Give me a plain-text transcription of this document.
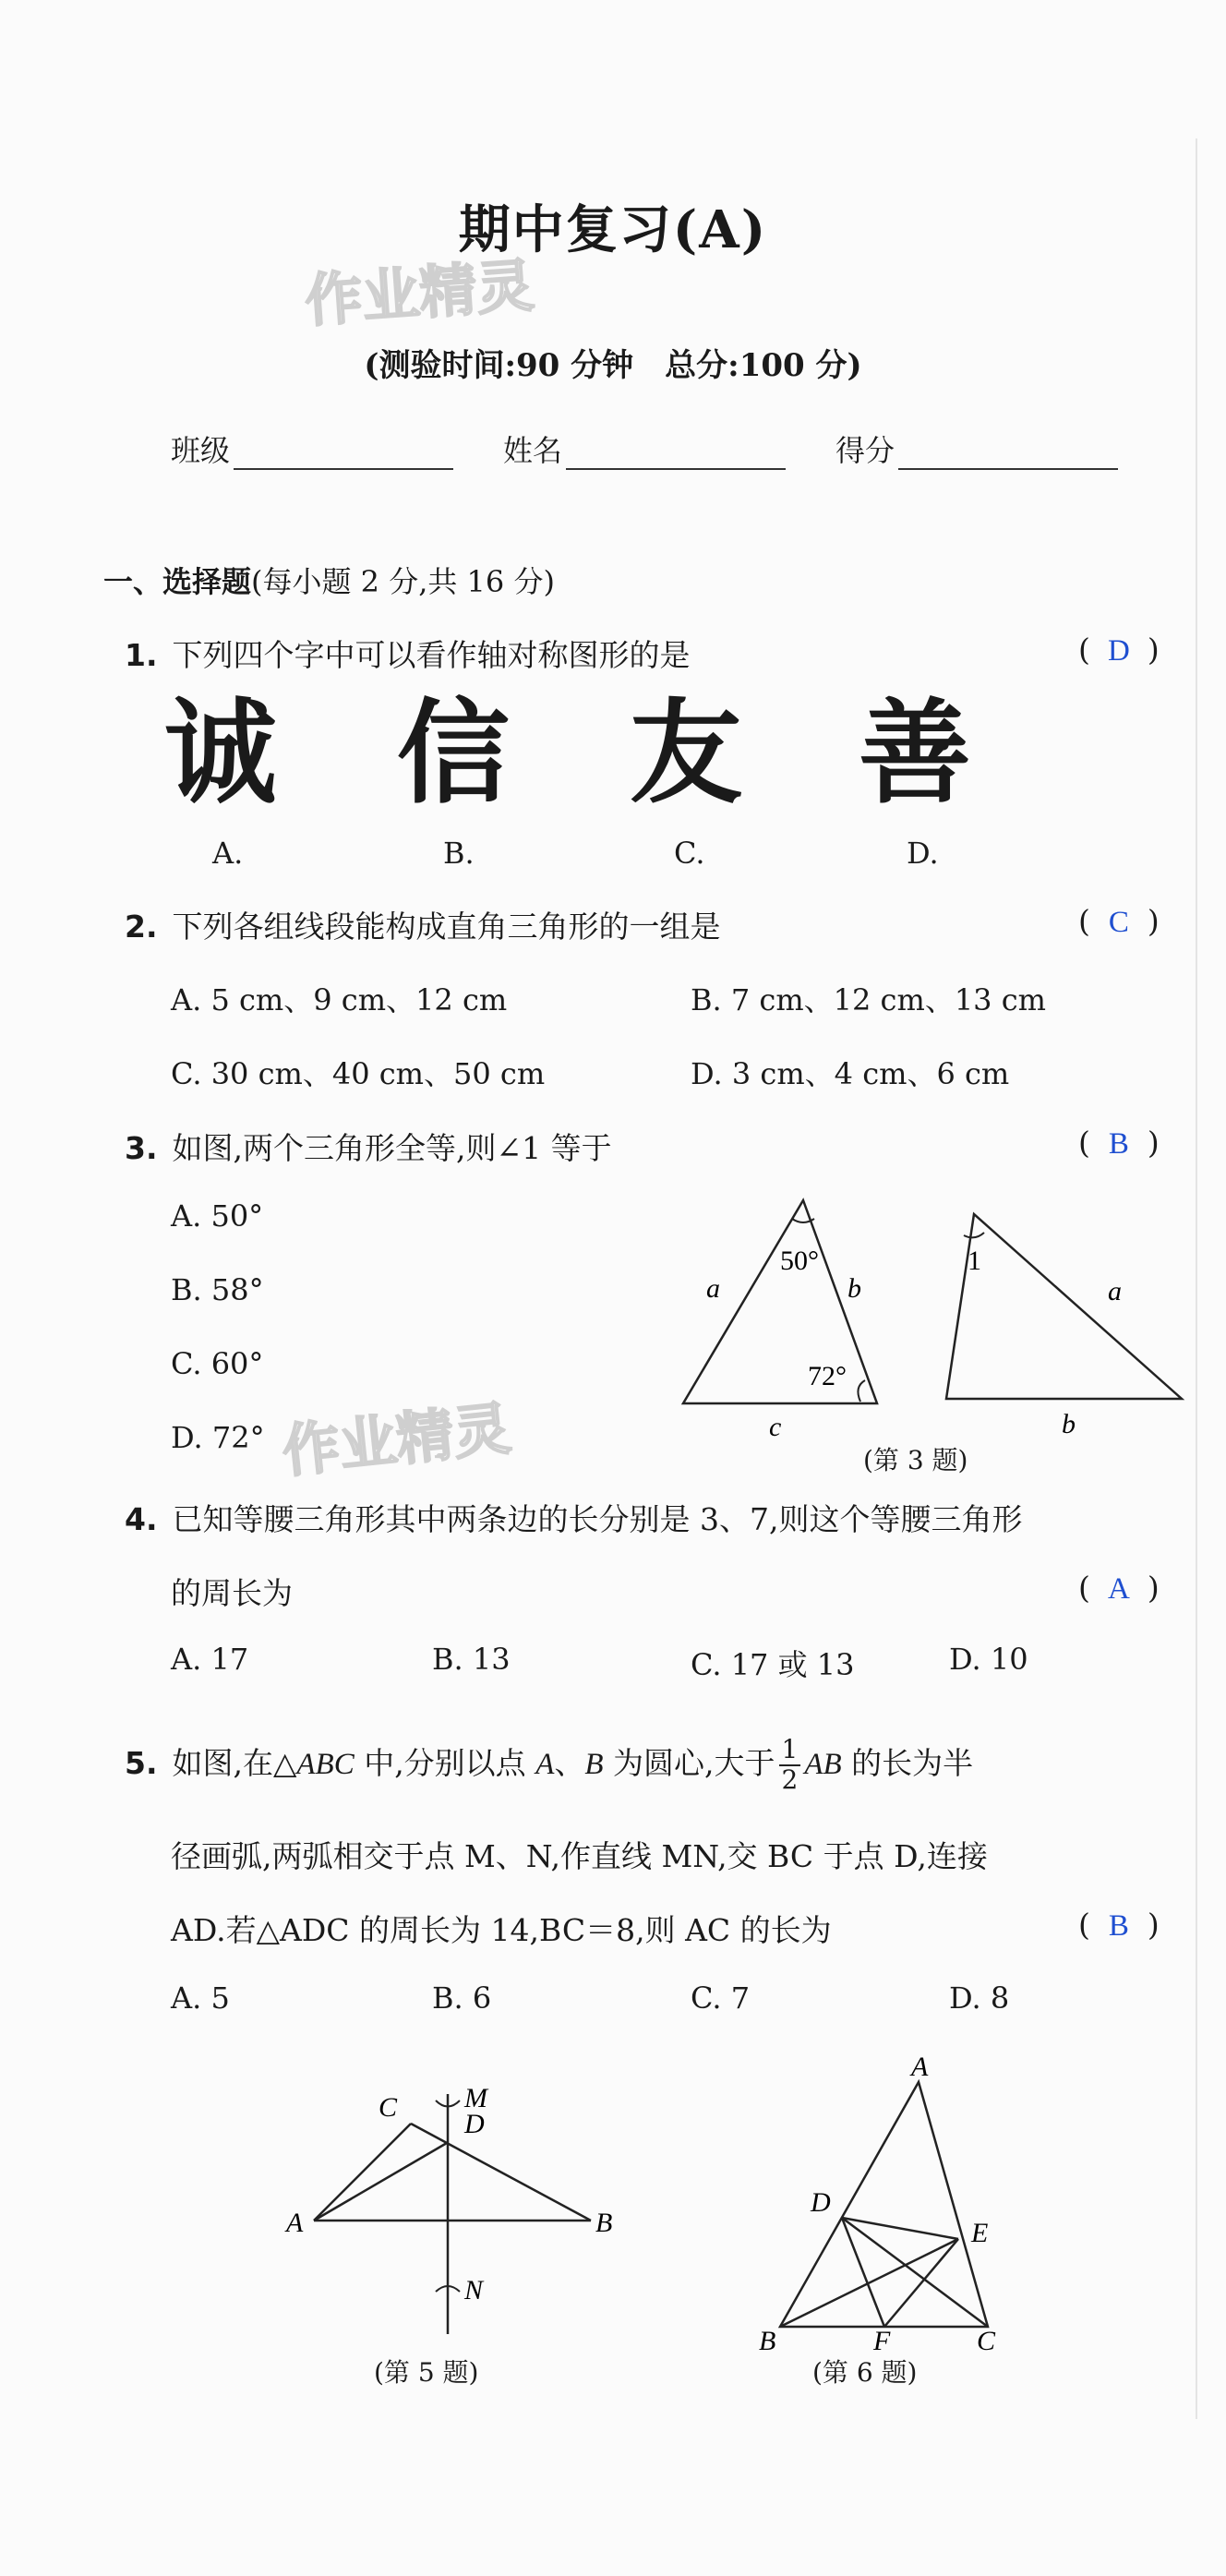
作业精灵
作业精灵
期中复习(A)
(测验时间:90 分钟　总分:100 分)
班级	姓名	得分
一、选择题(每小题 2 分,共 16 分)
1. 下列四个字中可以看作轴对称图形的是	( D )
诚 信 友 善
A.	B.	C.	D.
2. 下列各组线段能构成直角三角形的一组是	( C )
A. 5 cm、9 cm、12 cm	B. 7 cm、12 cm、13 cm
C. 30 cm、40 cm、50 cm	D. 3 cm、4 cm、6 cm
3. 如图,两个三角形全等,则∠1 等于	( B )
A. 50°
B. 58°
C. 60°
D. 72°
50°
72°
a	b
c
1
a
b
(第 3 题)
4. 已知等腰三角形其中两条边的长分别是 3、7,则这个等腰三角形
的周长为	( A )
A. 17	B. 13	C. 17 或 13	D. 10
5. 如图,在△ABC 中,分别以点 A、B 为圆心,大于 $\frac{1}{2}$ AB 的长为半
径画弧,两弧相交于点 M、N,作直线 MN,交 BC 于点 D,连接
AD.若△ADC 的周长为 14,BC＝8,则 AC 的长为	( B )
A. 5	B. 6	C. 7	D. 8
A	B
C
D
M
N
(第 5 题)
A
D
E
B	F	C
(第 6 题)
